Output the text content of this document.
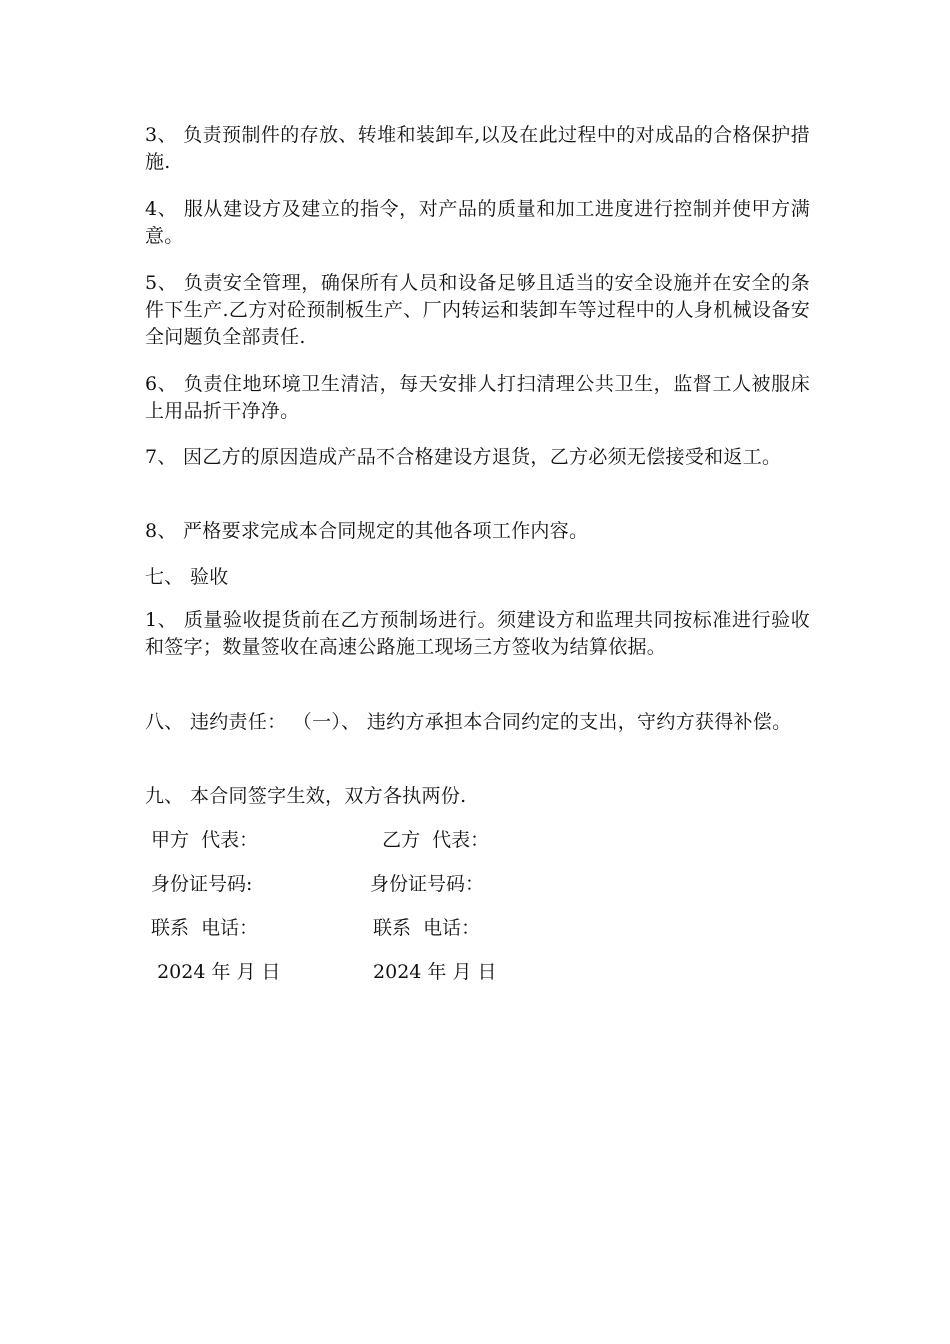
3、 负责预制件的存放、转堆和装卸车,以及在此过程中的对成品的合格保护措施.

4、 服从建设方及建立的指令，对产品的质量和加工进度进行控制并使甲方满意。

5、 负责安全管理，确保所有人员和设备足够且适当的安全设施并在安全的条件下生产.乙方对砼预制板生产、厂内转运和装卸车等过程中的人身机械设备安全问题负全部责任.

6、 负责住地环境卫生清洁，每天安排人打扫清理公共卫生，监督工人被服床上用品折干净净。

7、 因乙方的原因造成产品不合格建设方退货，乙方必须无偿接受和返工。

8、 严格要求完成本合同规定的其他各项工作内容。

七、 验收

1、 质量验收提货前在乙方预制场进行。须建设方和监理共同按标准进行验收和签字；数量签收在高速公路施工现场三方签收为结算依据。

八、 违约责任： （一）、 违约方承担本合同约定的支出，守约方获得补偿。

九、 本合同签字生效，双方各执两份.

甲方  代表：	乙方  代表：

身份证号码:	身份证号码：

联系  电话：	联系  电话：

2024 年 月 日	2024 年 月 日
